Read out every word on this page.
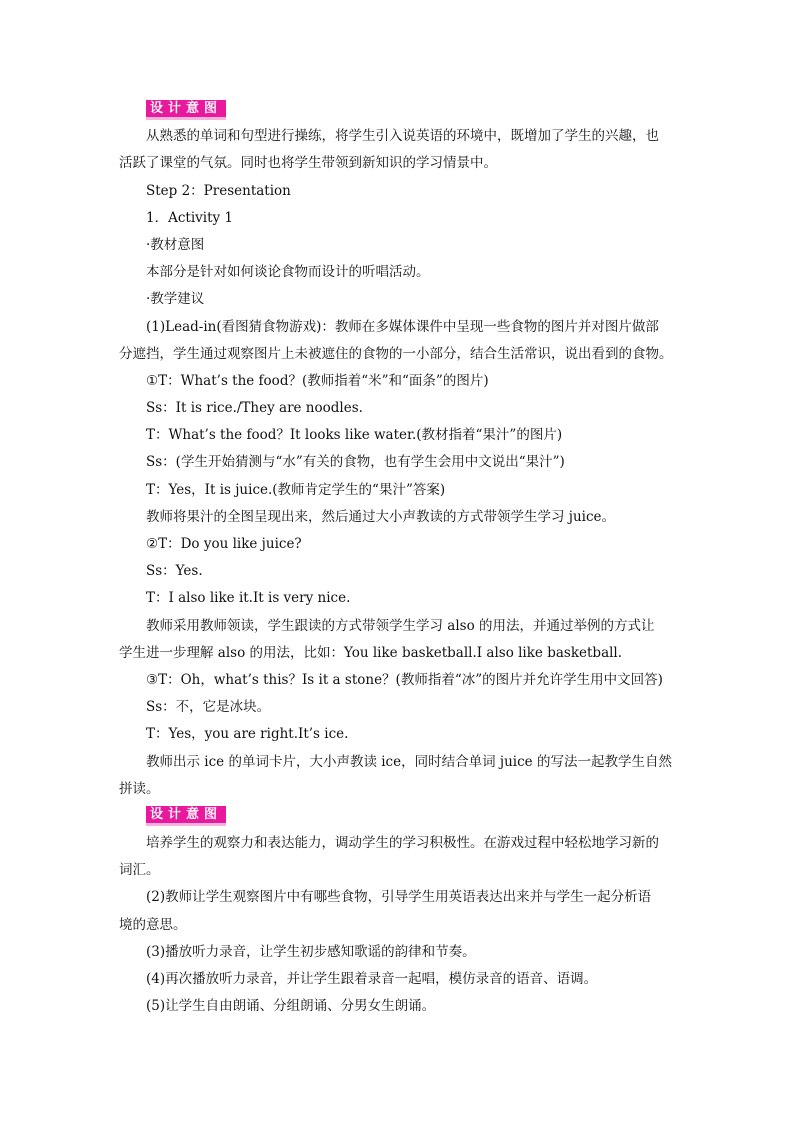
设计意图
从熟悉的单词和句型进行操练，将学生引入说英语的环境中，既增加了学生的兴趣，也
活跃了课堂的气氛。同时也将学生带领到新知识的学习情景中。
Step 2：Presentation
1．Activity 1
·教材意图
本部分是针对如何谈论食物而设计的听唱活动。
·教学建议
(1)Lead-in(看图猜食物游戏)：教师在多媒体课件中呈现一些食物的图片并对图片做部
分遮挡，学生通过观察图片上未被遮住的食物的一小部分，结合生活常识，说出看到的食物。
①T：What’s the food？(教师指着“米”和“面条”的图片)
Ss：It is rice./They are noodles.
T：What’s the food？It looks like water.(教材指着“果汁”的图片)
Ss：(学生开始猜测与“水”有关的食物，也有学生会用中文说出“果汁”)
T：Yes，It is juice.(教师肯定学生的“果汁”答案)
教师将果汁的全图呈现出来，然后通过大小声教读的方式带领学生学习 juice。
②T：Do you like juice?
Ss：Yes.
T：I also like it.It is very nice.
教师采用教师领读，学生跟读的方式带领学生学习 also 的用法，并通过举例的方式让
学生进一步理解 also 的用法，比如：You like basketball.I also like basketball.
③T：Oh，what’s this？Is it a stone？(教师指着“冰”的图片并允许学生用中文回答)
Ss：不，它是冰块。
T：Yes，you are right.It’s ice.
教师出示 ice 的单词卡片，大小声教读 ice，同时结合单词 juice 的写法一起教学生自然
拼读。
设计意图
培养学生的观察力和表达能力，调动学生的学习积极性。在游戏过程中轻松地学习新的
词汇。
(2)教师让学生观察图片中有哪些食物，引导学生用英语表达出来并与学生一起分析语
境的意思。
(3)播放听力录音，让学生初步感知歌谣的韵律和节奏。
(4)再次播放听力录音，并让学生跟着录音一起唱，模仿录音的语音、语调。
(5)让学生自由朗诵、分组朗诵、分男女生朗诵。
